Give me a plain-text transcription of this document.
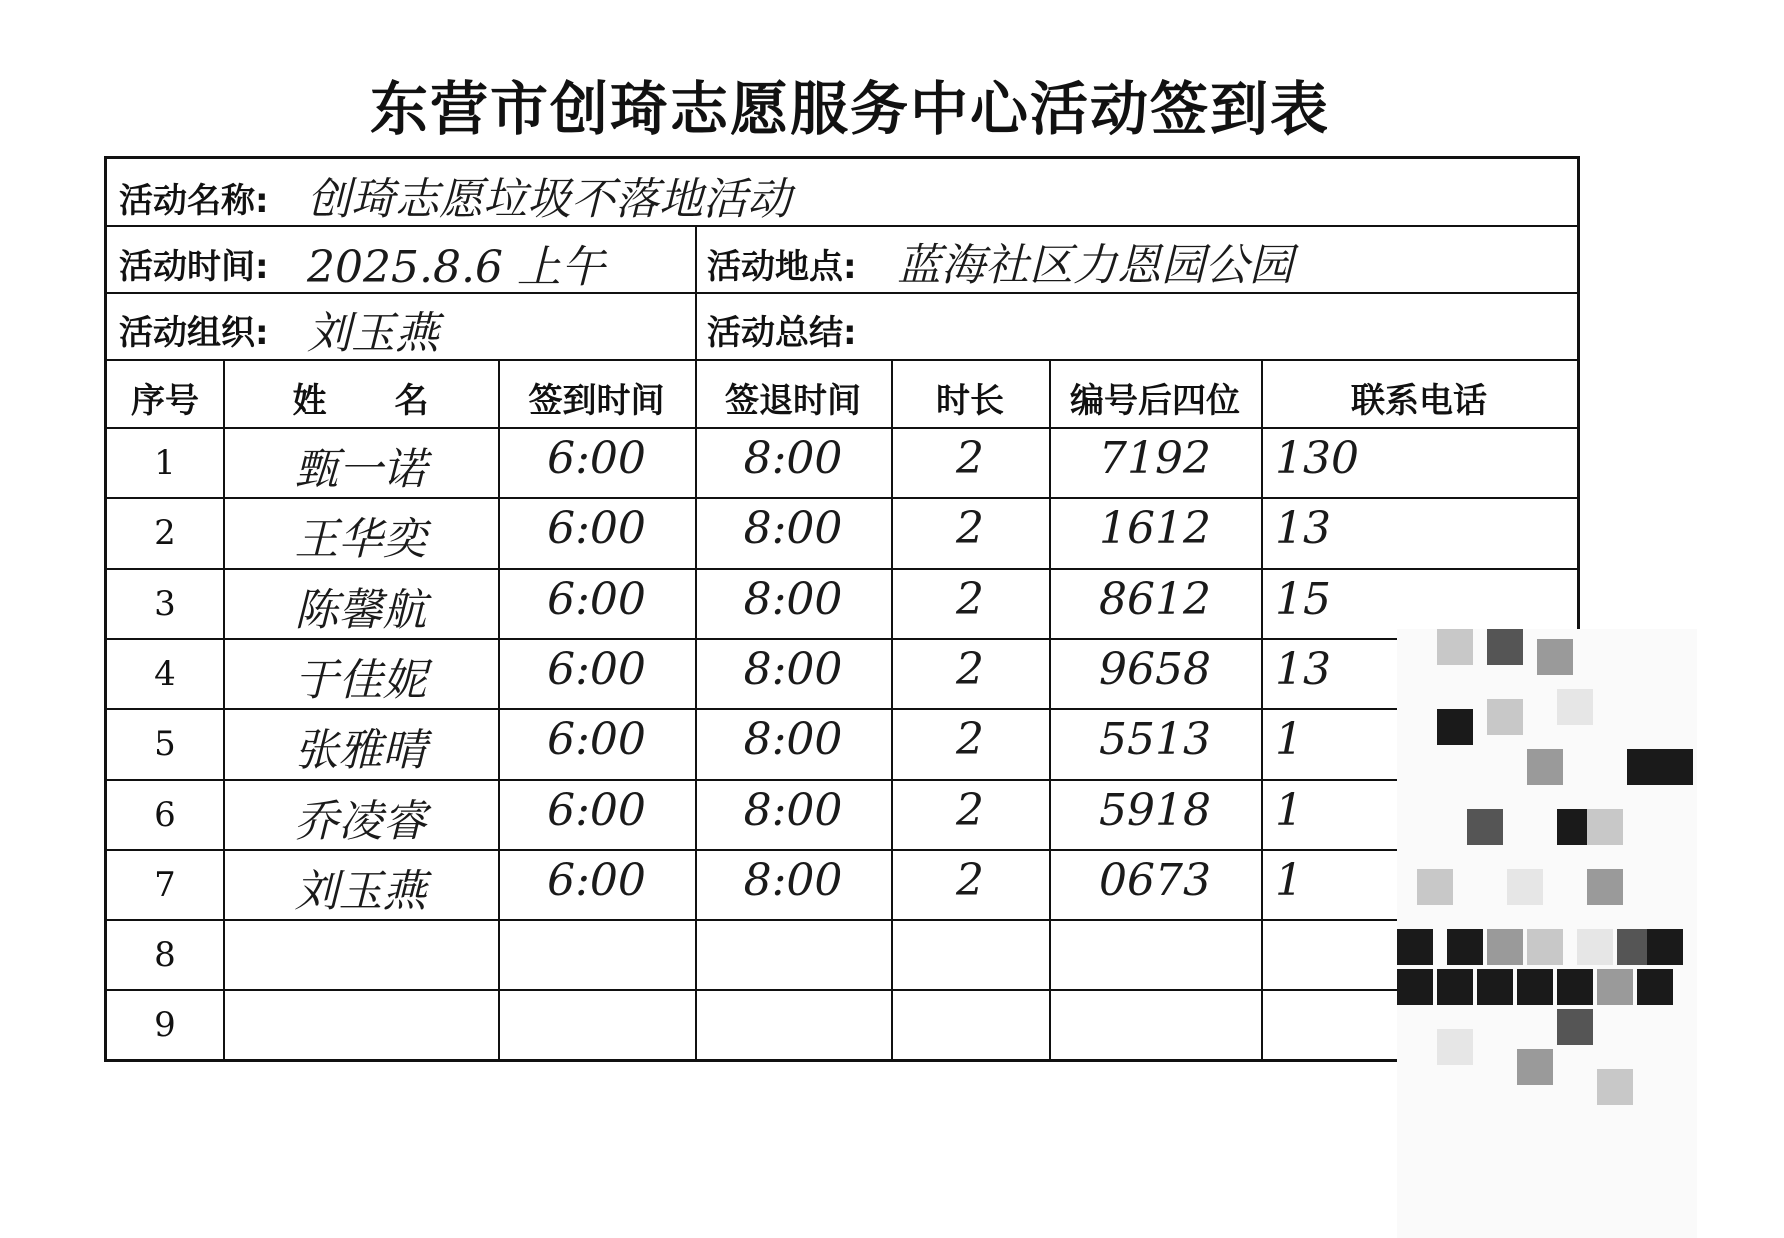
东营市创琦志愿服务中心活动签到表
活动名称: 创琦志愿垃圾不落地活动
活动时间: 2025.8.6 上午	活动地点: 蓝海社区力恩园公园
活动组织: 刘玉燕	活动总结:
序号	姓　　名	签到时间	签退时间	时长	编号后四位	联系电话
1	甄一诺	6:00	8:00	2	7192	130
2	王华奕	6:00	8:00	2	1612	13
3	陈馨航	6:00	8:00	2	8612	15
4	于佳妮	6:00	8:00	2	9658	13
5	张雅晴	6:00	8:00	2	5513	1
6	乔凌睿	6:00	8:00	2	5918	1
7	刘玉燕	6:00	8:00	2	0673	1
8
9
